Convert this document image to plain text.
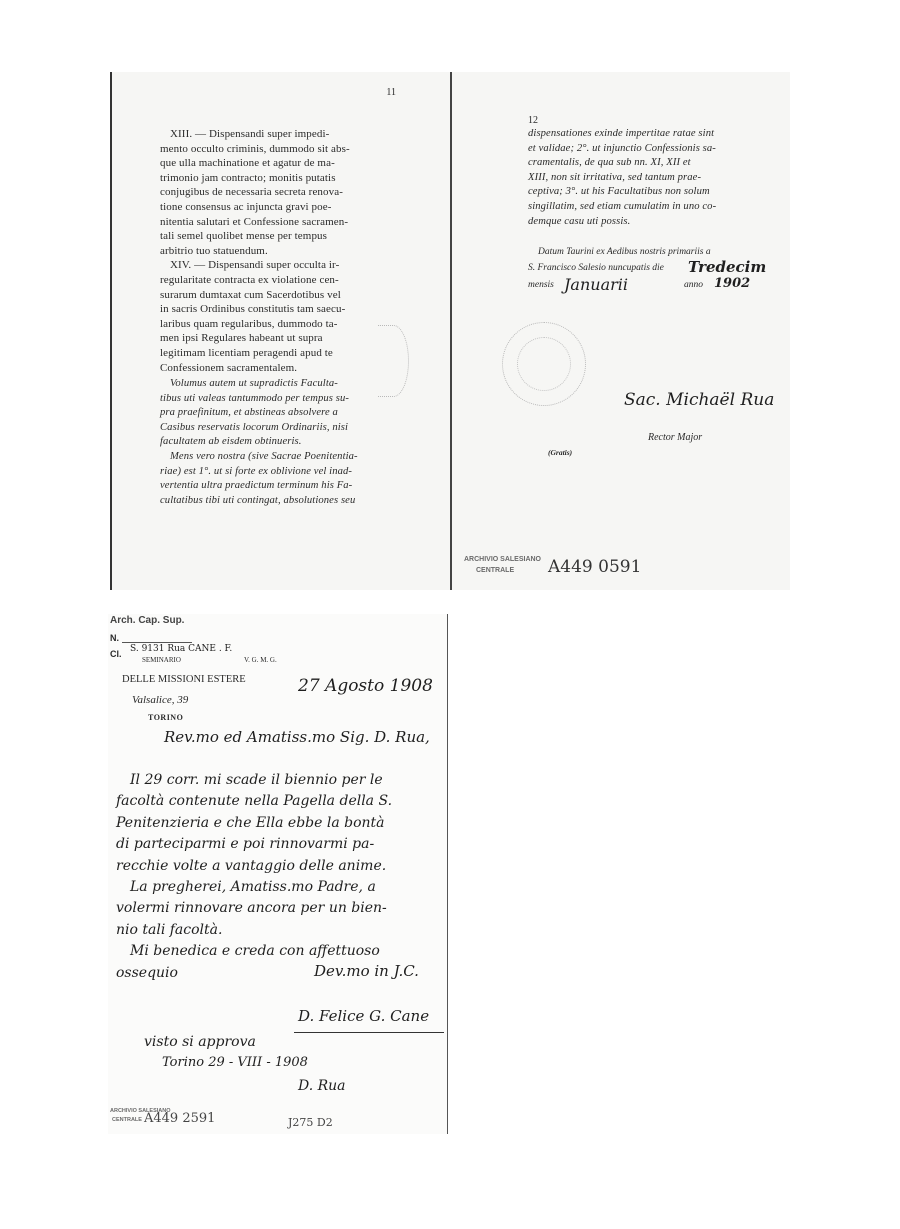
11
XIII. — Dispensandi super impedi-
mento occulto criminis, dummodo sit abs-
que ulla machinatione et agatur de ma-
trimonio jam contracto; monitis putatis
conjugibus de necessaria secreta renova-
tione consensus ac injuncta gravi poe-
nitentia salutari et Confessione sacramen-
tali semel quolibet mense per tempus
arbitrio tuo statuendum.
XIV. — Dispensandi super occulta ir-
regularitate contracta ex violatione cen-
surarum dumtaxat cum Sacerdotibus vel
in sacris Ordinibus constitutis tam saecu-
laribus quam regularibus, dummodo ta-
men ipsi Regulares habeant ut supra
legitimam licentiam peragendi apud te
Confessionem sacramentalem.
Volumus autem ut supradictis Faculta-
tibus uti valeas tantummodo per tempus su-
pra praefinitum, et abstineas absolvere a
Casibus reservatis locorum Ordinariis, nisi
facultatem ab eisdem obtinueris.
Mens vero nostra (sive Sacrae Poenitentia-
riae) est 1°. ut si forte ex oblivione vel inad-
vertentia ultra praedictum terminum his Fa-
cultatibus tibi uti contingat, absolutiones seu
12
dispensationes exinde impertitae ratae sint
et validae; 2°. ut injunctio Confessionis sa-
cramentalis, de qua sub nn. XI, XII et
XIII, non sit irritativa, sed tantum prae-
ceptiva; 3°. ut his Facultatibus non solum
singillatim, sed etiam cumulatim in uno co-
demque casu uti possis.
Datum Taurini ex Aedibus nostris primariis a
S. Francisco Salesio nuncupatis die Tredecim
mensis Januarii	anno 1902
Sac. Michaël Rua
Rector Major
(Gratis)
ARCHIVIO SALESIANO
CENTRALE A449 0591
Arch. Cap. Sup.
N.
Cl. S. 9131 Rua CANE . F.
SEMINARIO	V. G. M. G.
DELLE MISSIONI ESTERE
Valsalice, 39
TORINO
27 Agosto 1908
Rev.mo ed Amatiss.mo Sig. D. Rua,
Il 29 corr. mi scade il biennio per le
facoltà contenute nella Pagella della S.
Penitenzieria e che Ella ebbe la bontà
di parteciparmi e poi rinnovarmi pa-
recchie volte a vantaggio delle anime.
La pregherei, Amatiss.mo Padre, a
volermi rinnovare ancora per un bien-
nio tali facoltà.
Mi benedica e creda con affettuoso
ossequio	Dev.mo in J.C.
D. Felice G. Cane
visto si approva
Torino 29 - VIII - 1908
D. Rua
ARCHIVIO SALESIANO
CENTRALE A449 2591	J275 D2
